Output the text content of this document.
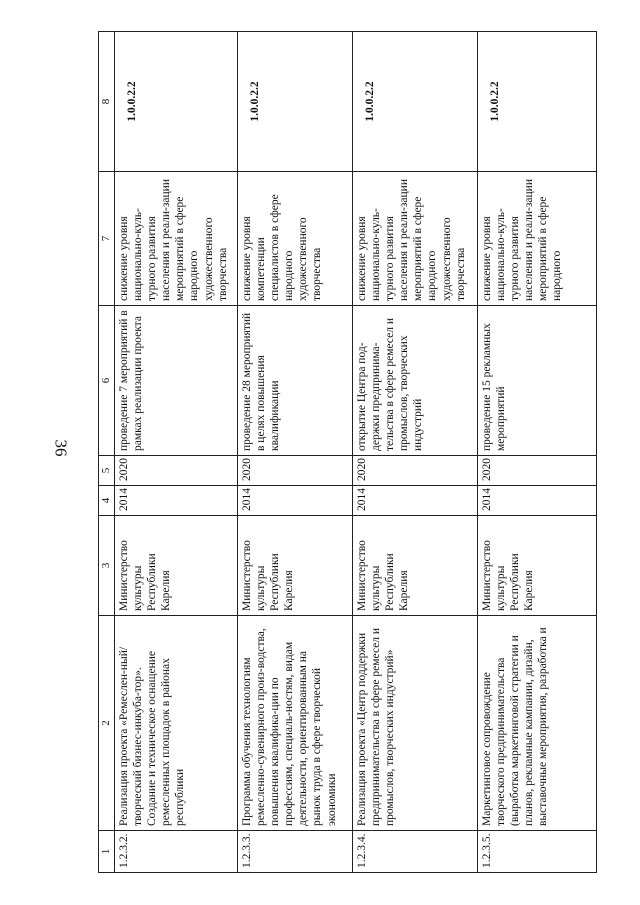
36
1	2	3	4	5	6	7	8
1.2.3.2.	Реализация проекта «Ремеслен-ный/творческий бизнес-инкуба-тор». Создание и техническое оснащение ремесленных площадок в районах республики	Министерство культуры Республики Карелия	2014	2020	проведение 7 мероприятий в рамках реализации проекта	снижение уровня национально-куль-турного развития населения и реали-зации мероприятий в сфере народного художественного творчества	1.0.0.2.2
1.2.3.3.	Программа обучения технологиям ремесленно-сувенирного произ-водства, повышения квалифика-ции по профессиям, специаль-ностям, видам деятельности, ориентированным на рынок труда в сфере творческой экономики	Министерство культуры Республики Карелия	2014	2020	проведение 28 мероприятий в целях повышения квалификации	снижение уровня компетенции специалистов в сфере народного художественного творчества	1.0.0.2.2
1.2.3.4.	Реализация проекта «Центр поддержки предпринимательства в сфере ремесел и промыслов, творческих индустрий»	Министерство культуры Республики Карелия	2014	2020	открытие Центра под-держки предпринима-тельства в сфере ремесел и промыслов, творческих индустрий	снижение уровня национально-куль-турного развития населения и реали-зации мероприятий в сфере народного художественного творчества	1.0.0.2.2
1.2.3.5.	Маркетинговое сопровождение творческого предпринимательства (выработка маркетинговой стратегии и планов, рекламные кампании, дизайн, выставочные мероприятия, разработка и	Министерство культуры Республики Карелия	2014	2020	проведение 15 рекламных мероприятий	снижение уровня национально-куль-турного развития населения и реали-зации мероприятий в сфере народного	1.0.0.2.2
